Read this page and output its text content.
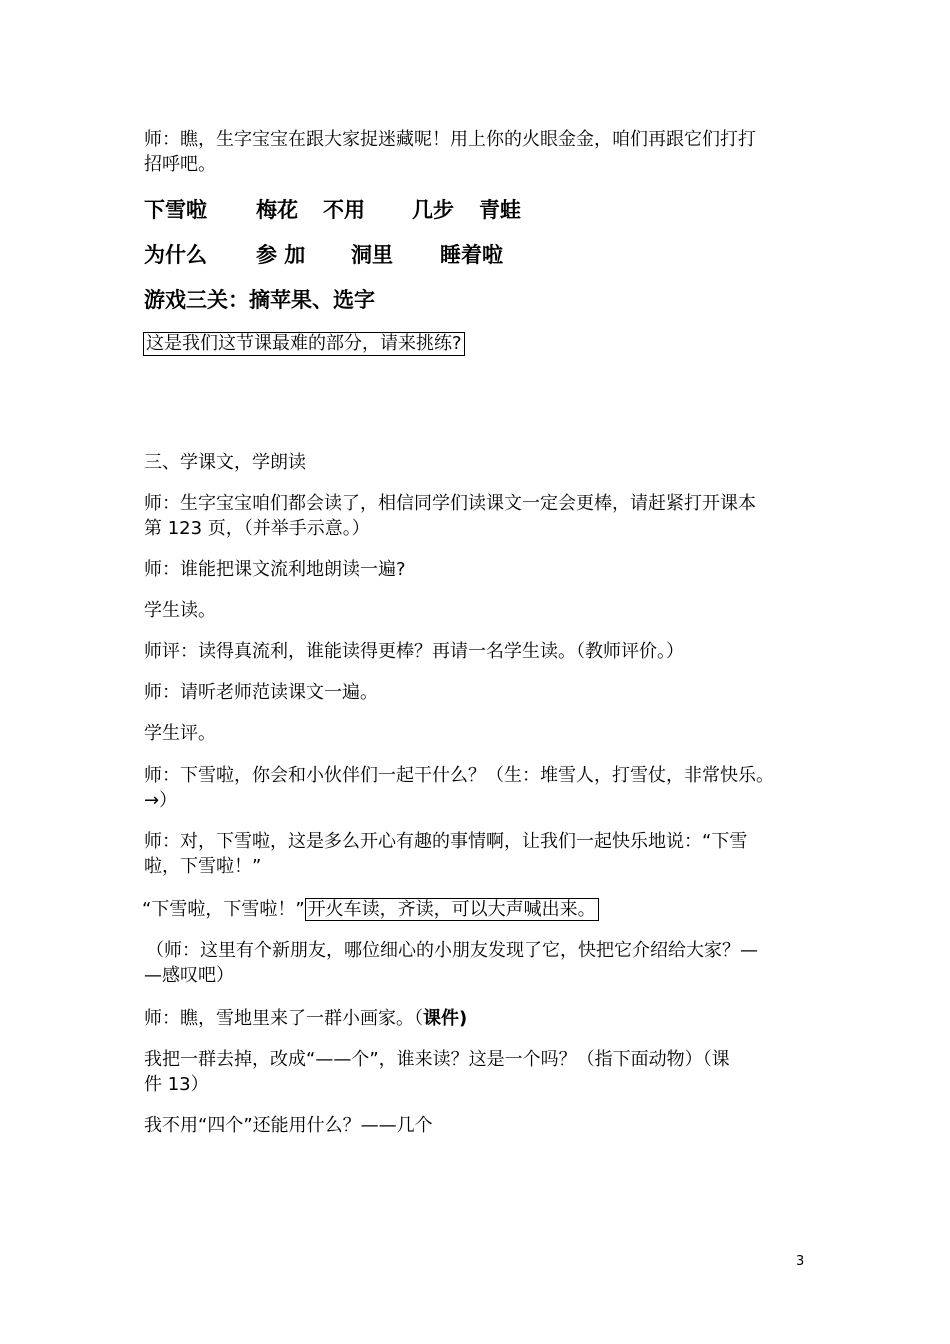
师：瞧，生字宝宝在跟大家捉迷藏呢！用上你的火眼金金，咱们再跟它们打打
招呼吧。
下雪啦 梅花 不用 几步 青蛙
为什么 参 加 洞里 睡着啦
游戏三关：摘苹果、选字
这是我们这节课最难的部分，请来挑练?
三、学课文，学朗读
师：生字宝宝咱们都会读了，相信同学们读课文一定会更棒，请赶紧打开课本
第 123 页，（并举手示意。）
师：谁能把课文流利地朗读一遍?
学生读。
师评：读得真流利，谁能读得更棒？再请一名学生读。（教师评价。）
师：请听老师范读课文一遍。
学生评。
师：下雪啦，你会和小伙伴们一起干什么？（生：堆雪人，打雪仗，非常快乐。
→）
师：对，下雪啦，这是多么开心有趣的事情啊，让我们一起快乐地说：“下雪
啦，下雪啦！”
“下雪啦，下雪啦！” 开火车读，齐读，可以大声喊出来。
（师：这里有个新朋友，哪位细心的小朋友发现了它，快把它介绍给大家？—
—感叹吧）
师：瞧，雪地里来了一群小画家。（课件)
我把一群去掉，改成“——个”，谁来读？这是一个吗？（指下面动物）（课
件 13）
我不用“四个”还能用什么？——几个
3
